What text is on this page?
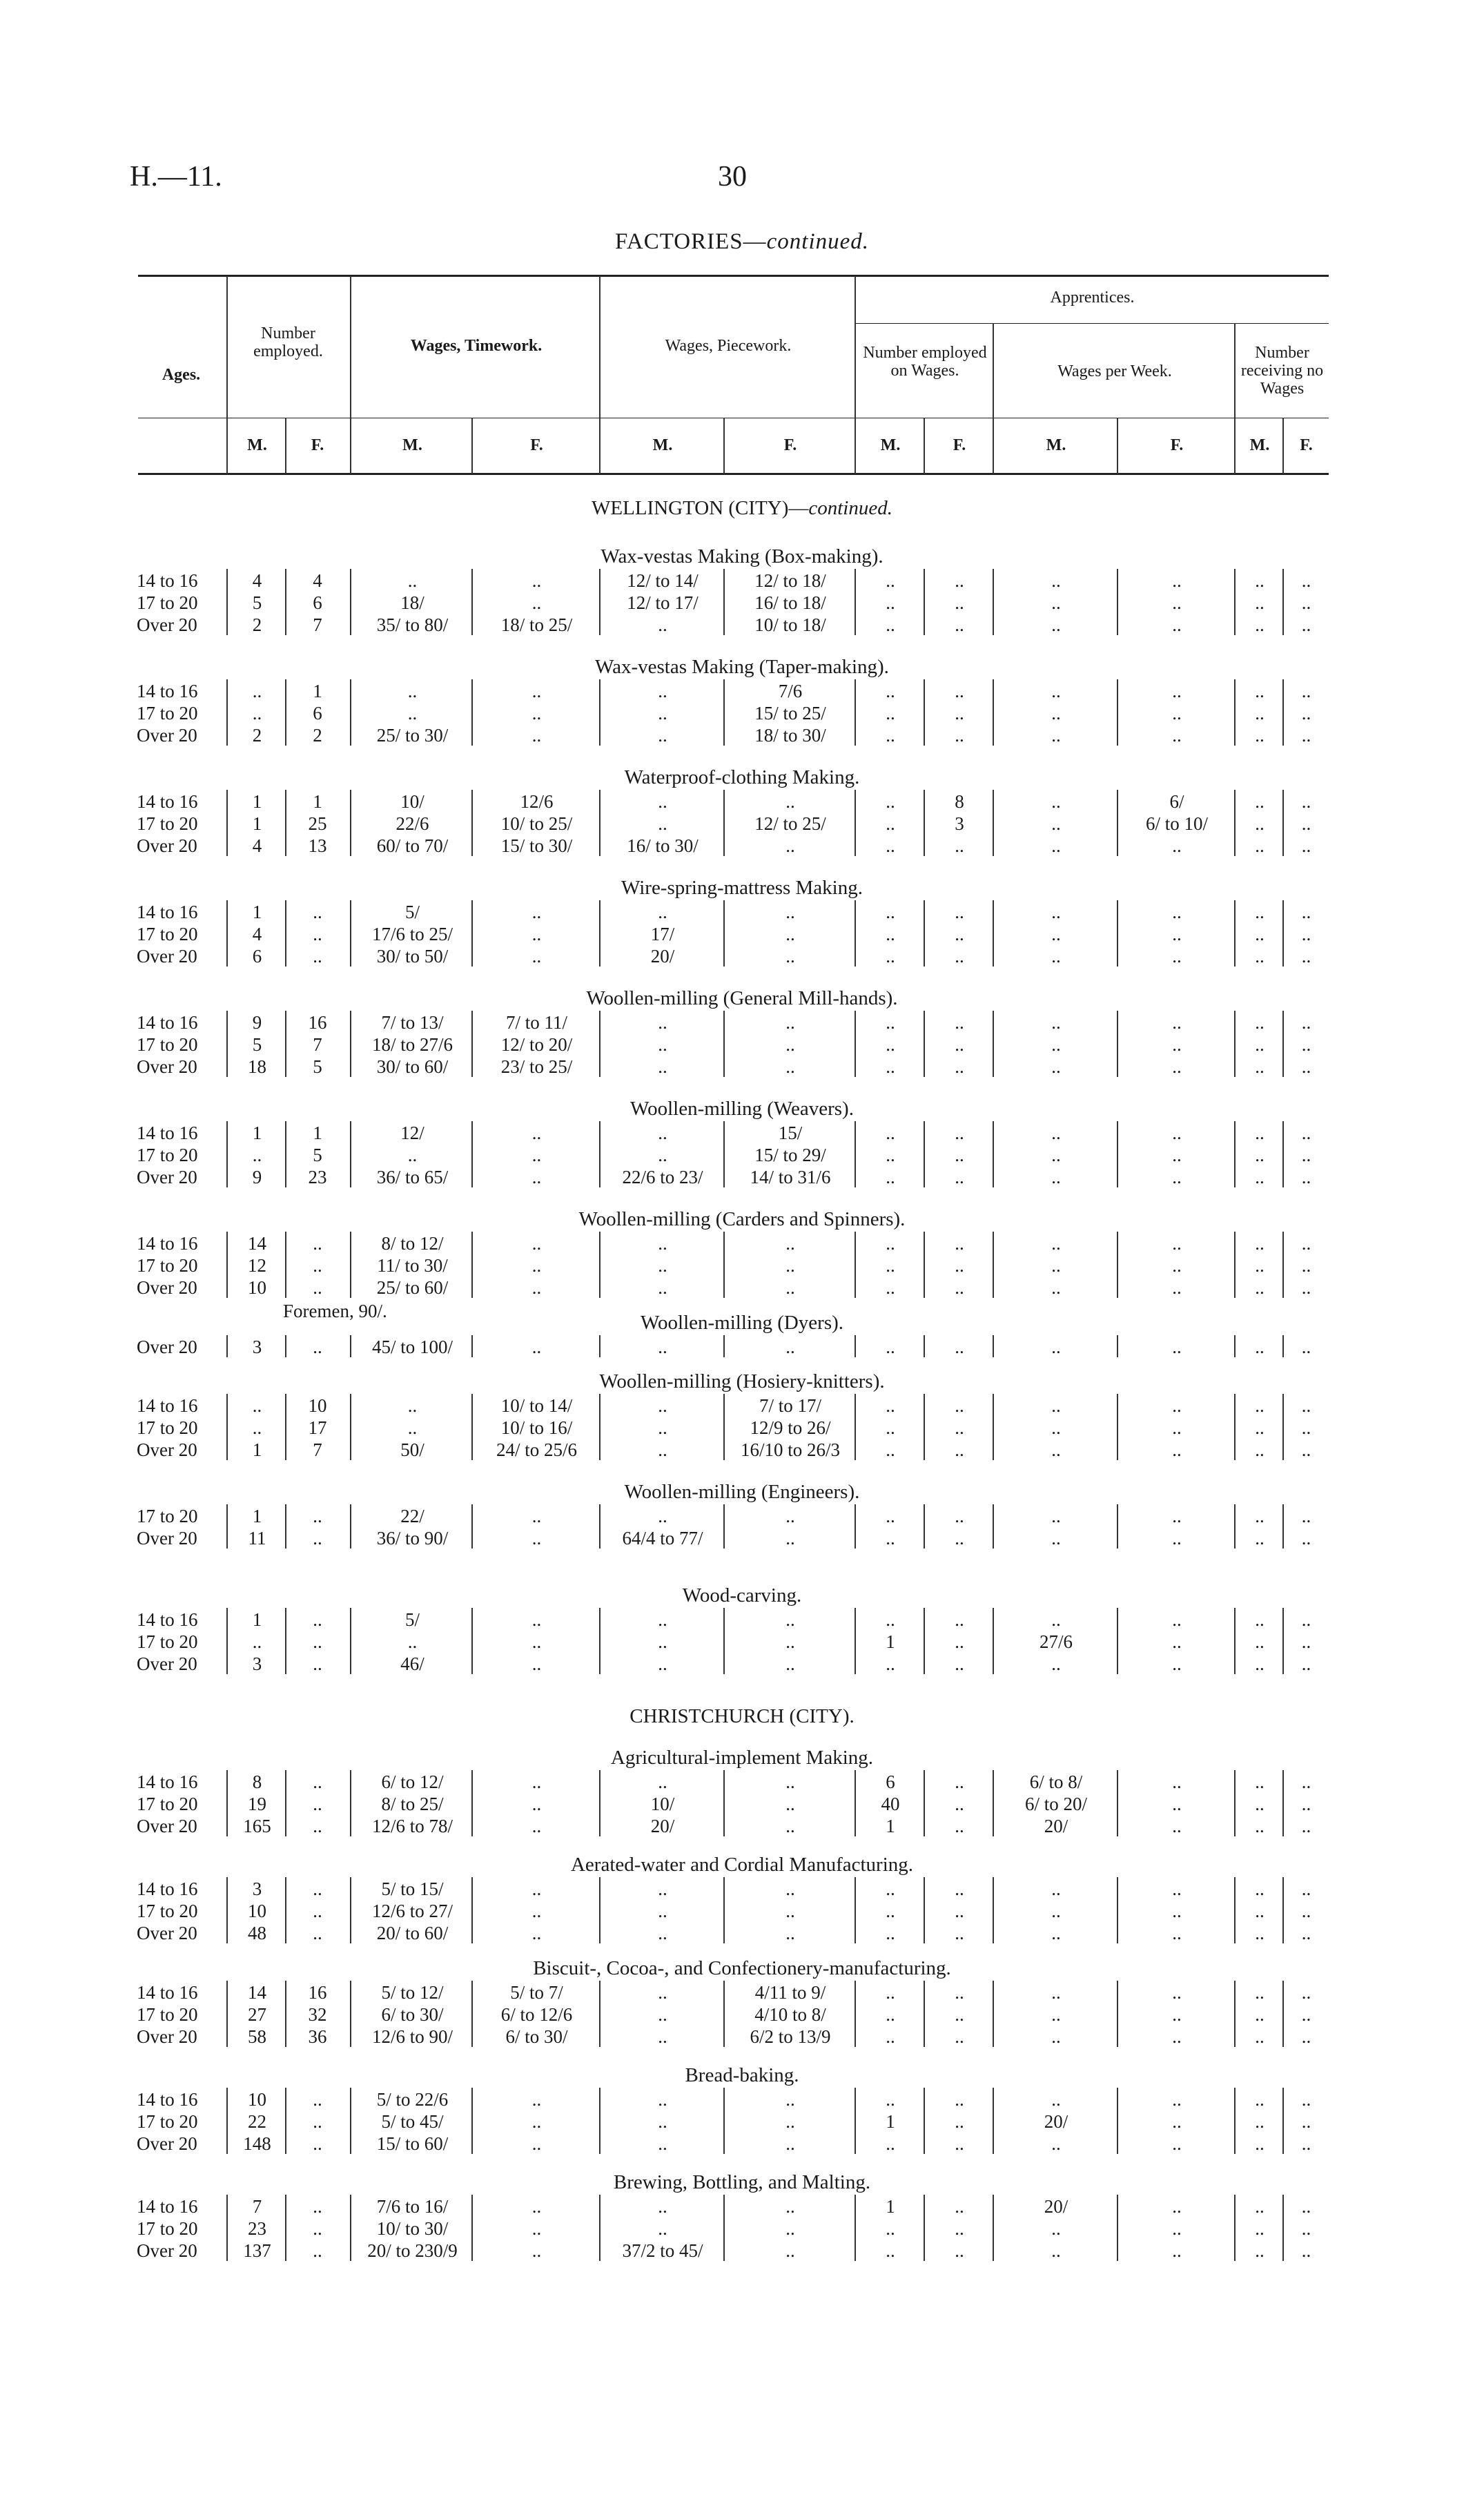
H.—11.	30
FACTORIES—continued.
Ages.
Number employed.	Wages, Timework.	Wages, Piecework.
Apprentices.
Number employed on Wages.	Wages per Week.
Number receiving no Wages
M.	F.	M.	F.	M.	F.	M.	F.	M.	F.	M.	F.
WELLINGTON (CITY)—continued.
Wax-vestas Making (Box-making).
14 to 16	4	4	..	..	12/ to 14/	12/ to 18/	..	..	..	..	..	..
17 to 20	5	6	18/	..	12/ to 17/	16/ to 18/	..	..	..	..	..	..
Over 20	2	7	35/ to 80/	18/ to 25/	..	10/ to 18/	..	..	..	..	..	..
Wax-vestas Making (Taper-making).
14 to 16	..	1	..	..	..	7/6	..	..	..	..	..	..
17 to 20	..	6	..	..	..	15/ to 25/	..	..	..	..	..	..
Over 20	2	2	25/ to 30/	..	..	18/ to 30/	..	..	..	..	..	..
Waterproof-clothing Making.
14 to 16	1	1	10/	12/6	..	..	..	8	..	6/	..	..
17 to 20	1	25	22/6	10/ to 25/	..	12/ to 25/	..	3	..	6/ to 10/	..	..
Over 20	4	13	60/ to 70/	15/ to 30/	16/ to 30/	..	..	..	..	..	..	..
Wire-spring-mattress Making.
14 to 16	1	..	5/	..	..	..	..	..	..	..	..	..
17 to 20	4	..	17/6 to 25/	..	17/	..	..	..	..	..	..	..
Over 20	6	..	30/ to 50/	..	20/	..	..	..	..	..	..	..
Woollen-milling (General Mill-hands).
14 to 16	9	16	7/ to 13/	7/ to 11/	..	..	..	..	..	..	..	..
17 to 20	5	7	18/ to 27/6	12/ to 20/	..	..	..	..	..	..	..	..
Over 20	18	5	30/ to 60/	23/ to 25/	..	..	..	..	..	..	..	..
Woollen-milling (Weavers).
14 to 16	1	1	12/	..	..	15/	..	..	..	..	..	..
17 to 20	..	5	..	..	..	15/ to 29/	..	..	..	..	..	..
Over 20	9	23	36/ to 65/	..	22/6 to 23/	14/ to 31/6	..	..	..	..	..	..
Woollen-milling (Carders and Spinners).
14 to 16	14	..	8/ to 12/	..	..	..	..	..	..	..	..	..
17 to 20	12	..	11/ to 30/	..	..	..	..	..	..	..	..	..
Over 20	10	..	25/ to 60/	..	..	..	..	..	..	..	..	..
Foremen, 90/.
Woollen-milling (Dyers).
Over 20	3	..	45/ to 100/	..	..	..	..	..	..	..	..	..
Woollen-milling (Hosiery-knitters).
14 to 16	..	10	..	10/ to 14/	..	7/ to 17/	..	..	..	..	..	..
17 to 20	..	17	..	10/ to 16/	..	12/9 to 26/	..	..	..	..	..	..
Over 20	1	7	50/	24/ to 25/6	..	16/10 to 26/3	..	..	..	..	..	..
Woollen-milling (Engineers).
17 to 20	1	..	22/	..	..	..	..	..	..	..	..	..
Over 20	11	..	36/ to 90/	..	64/4 to 77/	..	..	..	..	..	..	..
Wood-carving.
14 to 16	1	..	5/	..	..	..	..	..	..	..	..	..
17 to 20	..	..	..	..	..	..	1	..	27/6	..	..	..
Over 20	3	..	46/	..	..	..	..	..	..	..	..	..
CHRISTCHURCH (CITY).
Agricultural-implement Making.
14 to 16	8	..	6/ to 12/	..	..	..	6	..	6/ to 8/	..	..	..
17 to 20	19	..	8/ to 25/	..	10/	..	40	..	6/ to 20/	..	..	..
Over 20	165	..	12/6 to 78/	..	20/	..	1	..	20/	..	..	..
Aerated-water and Cordial Manufacturing.
14 to 16	3	..	5/ to 15/	..	..	..	..	..	..	..	..	..
17 to 20	10	..	12/6 to 27/	..	..	..	..	..	..	..	..	..
Over 20	48	..	20/ to 60/	..	..	..	..	..	..	..	..	..
Biscuit-, Cocoa-, and Confectionery-manufacturing.
14 to 16	14	16	5/ to 12/	5/ to 7/	..	4/11 to 9/	..	..	..	..	..	..
17 to 20	27	32	6/ to 30/	6/ to 12/6	..	4/10 to 8/	..	..	..	..	..	..
Over 20	58	36	12/6 to 90/	6/ to 30/	..	6/2 to 13/9	..	..	..	..	..	..
Bread-baking.
14 to 16	10	..	5/ to 22/6	..	..	..	..	..	..	..	..	..
17 to 20	22	..	5/ to 45/	..	..	..	1	..	20/	..	..	..
Over 20	148	..	15/ to 60/	..	..	..	..	..	..	..	..	..
Brewing, Bottling, and Malting.
14 to 16	7	..	7/6 to 16/	..	..	..	1	..	20/	..	..	..
17 to 20	23	..	10/ to 30/	..	..	..	..	..	..	..	..	..
Over 20	137	..	20/ to 230/9	..	37/2 to 45/	..	..	..	..	..	..	..
